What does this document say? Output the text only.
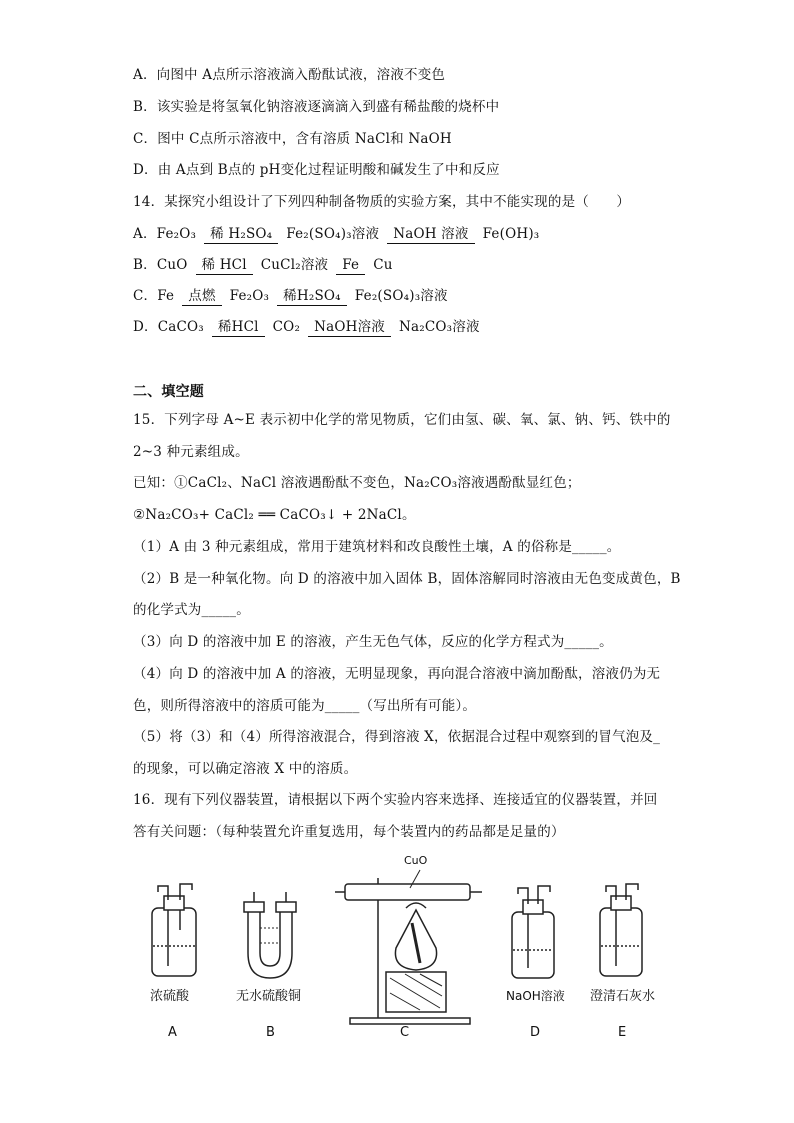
A．向图中 A点所示溶液滴入酚酞试液，溶液不变色
B．该实验是将氢氧化钠溶液逐滴滴入到盛有稀盐酸的烧杯中
C．图中 C点所示溶液中，含有溶质 NaCl和 NaOH
D．由 A点到 B点的 pH变化过程证明酸和碱发生了中和反应
14．某探究小组设计了下列四种制备物质的实验方案，其中不能实现的是（　　）
A．Fe₂O₃ 稀 H₂SO₄ Fe₂(SO₄)₃溶液 NaOH 溶液 Fe(OH)₃
B．CuO 稀 HCl CuCl₂溶液 Fe Cu
C．Fe 点燃 Fe₂O₃ 稀H₂SO₄ Fe₂(SO₄)₃溶液
D．CaCO₃ 稀HCl CO₂ NaOH溶液 Na₂CO₃溶液
二、填空题
15．下列字母 A~E 表示初中化学的常见物质，它们由氢、碳、氧、氯、钠、钙、铁中的
2~3 种元素组成。
已知：①CaCl₂、NaCl 溶液遇酚酞不变色，Na₂CO₃溶液遇酚酞显红色；
②Na₂CO₃+ CaCl₂ ══ CaCO₃↓ + 2NaCl。
（1）A 由 3 种元素组成，常用于建筑材料和改良酸性土壤，A 的俗称是_____。
（2）B 是一种氧化物。向 D 的溶液中加入固体 B，固体溶解同时溶液由无色变成黄色，B
的化学式为_____。
（3）向 D 的溶液中加 E 的溶液，产生无色气体，反应的化学方程式为_____。
（4）向 D 的溶液中加 A 的溶液，无明显现象，再向混合溶液中滴加酚酞，溶液仍为无
色，则所得溶液中的溶质可能为_____（写出所有可能）。
（5）将（3）和（4）所得溶液混合，得到溶液 X，依据混合过程中观察到的冒气泡及_
的现象，可以确定溶液 X 中的溶质。
16．现有下列仪器装置，请根据以下两个实验内容来选择、连接适宜的仪器装置，并回
答有关问题：（每种装置允许重复选用，每个装置内的药品都是足量的）
CuO
浓硫酸
A
无水硫酸铜
B	C
NaOH溶液
D
澄清石灰水
E
